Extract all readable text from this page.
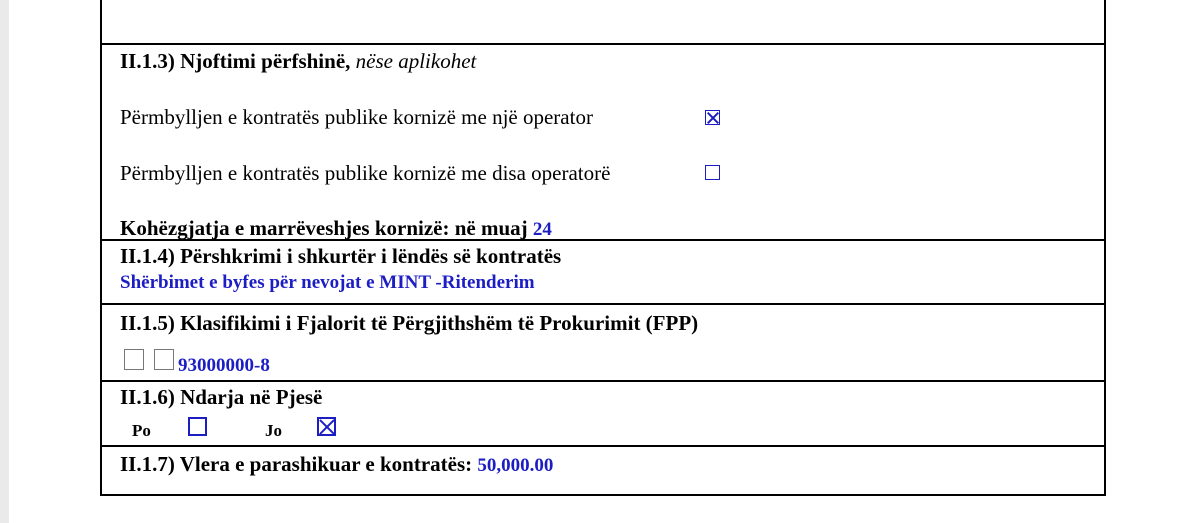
II.1.3) Njoftimi përfshinë, nëse aplikohet
Përmbylljen e kontratës publike kornizë me një operator
Përmbylljen e kontratës publike kornizë me disa operatorë
Kohëzgjatja e marrëveshjes kornizë: në muaj 24
II.1.4) Përshkrimi i shkurtër i lëndës së kontratës
Shërbimet e byfes për nevojat e MINT -Ritenderim
II.1.5) Klasifikimi i Fjalorit të Përgjithshëm të Prokurimit (FPP)
93000000-8
II.1.6) Ndarja në Pjesë
Po	Jo
II.1.7) Vlera e parashikuar e kontratës: 50,000.00
